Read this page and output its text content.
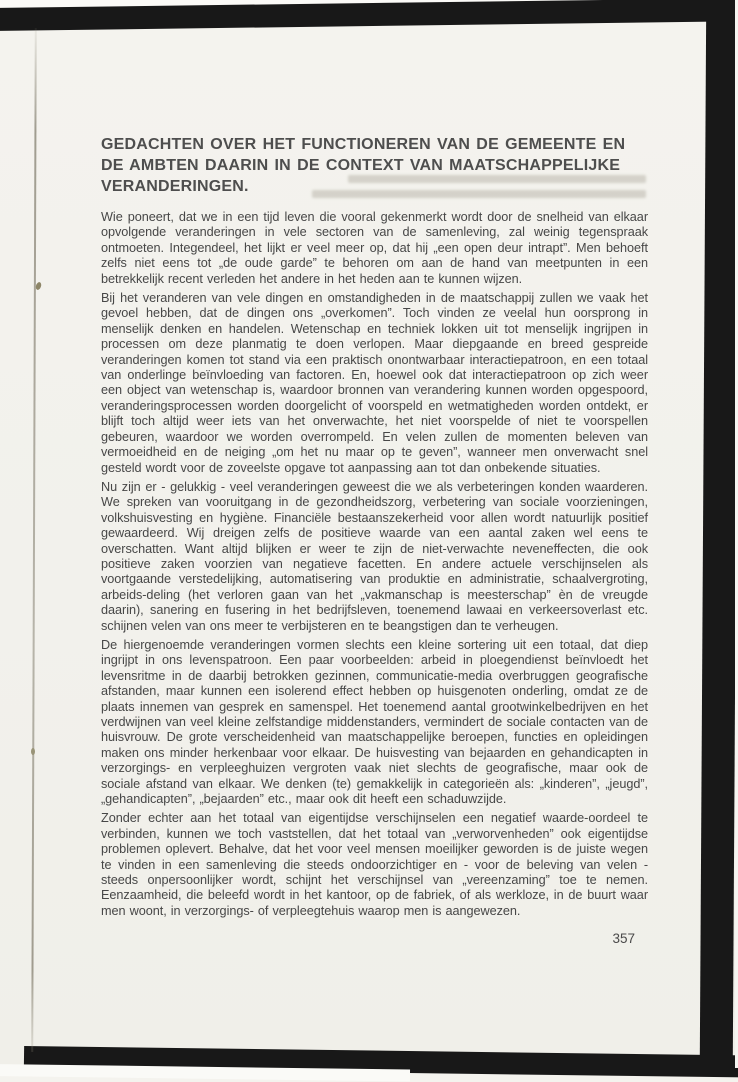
GEDACHTEN OVER HET FUNCTIONEREN VAN DE GEMEENTE EN
DE AMBTEN DAARIN IN DE CONTEXT VAN MAATSCHAPPELIJKE
VERANDERINGEN.

Wie poneert, dat we in een tijd leven die vooral gekenmerkt wordt door de snelheid van elkaar opvolgende veranderingen in vele sectoren van de samenleving, zal weinig tegenspraak ontmoeten. Integendeel, het lijkt er veel meer op, dat hij „een open deur intrapt”. Men behoeft zelfs niet eens tot „de oude garde” te behoren om aan de hand van meetpunten in een betrekkelijk recent verleden het andere in het heden aan te kunnen wijzen.

Bij het veranderen van vele dingen en omstandigheden in de maatschappij zullen we vaak het gevoel hebben, dat de dingen ons „overkomen”. Toch vinden ze veelal hun oorsprong in menselijk denken en handelen. Wetenschap en techniek lokken uit tot menselijk ingrijpen in processen om deze planmatig te doen verlopen. Maar diepgaande en breed gespreide veranderingen komen tot stand via een praktisch onontwarbaar interactiepatroon, en een totaal van onderlinge beïnvloeding van factoren. En, hoewel ook dat interactiepatroon op zich weer een object van wetenschap is, waardoor bronnen van verandering kunnen worden opgespoord, veranderingsprocessen worden doorgelicht of voorspeld en wetmatigheden worden ontdekt, er blijft toch altijd weer iets van het onverwachte, het niet voorspelde of niet te voorspellen gebeuren, waardoor we worden overrompeld. En velen zullen de momenten beleven van vermoeidheid en de neiging „om het nu maar op te geven”, wanneer men onverwacht snel gesteld wordt voor de zoveelste opgave tot aanpassing aan tot dan onbekende situaties.

Nu zijn er - gelukkig - veel veranderingen geweest die we als verbeteringen konden waarderen. We spreken van vooruitgang in de gezondheidszorg, verbetering van sociale voorzieningen, volkshuisvesting en hygiène. Financiële bestaanszekerheid voor allen wordt natuurlijk positief gewaardeerd. Wij dreigen zelfs de positieve waarde van een aantal zaken wel eens te overschatten. Want altijd blijken er weer te zijn de niet-verwachte neveneffecten, die ook positieve zaken voorzien van negatieve facetten. En andere actuele verschijnselen als voortgaande verstedelijking, automatisering van produktie en administratie, schaalvergroting, arbeids-deling (het verloren gaan van het „vakmanschap is meesterschap” èn de vreugde daarin), sanering en fusering in het bedrijfsleven, toenemend lawaai en verkeersoverlast etc. schijnen velen van ons meer te verbijsteren en te beangstigen dan te verheugen.

De hiergenoemde veranderingen vormen slechts een kleine sortering uit een totaal, dat diep ingrijpt in ons levenspatroon. Een paar voorbeelden: arbeid in ploegendienst beïnvloedt het levensritme in de daarbij betrokken gezinnen, communicatie-media overbruggen geografische afstanden, maar kunnen een isolerend effect hebben op huisgenoten onderling, omdat ze de plaats innemen van gesprek en samenspel. Het toenemend aantal grootwinkelbedrijven en het verdwijnen van veel kleine zelfstandige middenstanders, vermindert de sociale contacten van de huisvrouw. De grote verscheidenheid van maatschappelijke beroepen, functies en opleidingen maken ons minder herkenbaar voor elkaar. De huisvesting van bejaarden en gehandicapten in verzorgings- en verpleeghuizen vergroten vaak niet slechts de geografische, maar ook de sociale afstand van elkaar. We denken (te) gemakkelijk in categorieën als: „kinderen”, „jeugd”, „gehandicapten”, „bejaarden” etc., maar ook dit heeft een schaduwzijde.

Zonder echter aan het totaal van eigentijdse verschijnselen een negatief waarde-oordeel te verbinden, kunnen we toch vaststellen, dat het totaal van „verworvenheden” ook eigentijdse problemen oplevert. Behalve, dat het voor veel mensen moeilijker geworden is de juiste wegen te vinden in een samenleving die steeds ondoorzichtiger en - voor de beleving van velen - steeds onpersoonlijker wordt, schijnt het verschijnsel van „vereenzaming” toe te nemen. Eenzaamheid, die beleefd wordt in het kantoor, op de fabriek, of als werkloze, in de buurt waar men woont, in verzorgings- of verpleegtehuis waarop men is aangewezen.

357
